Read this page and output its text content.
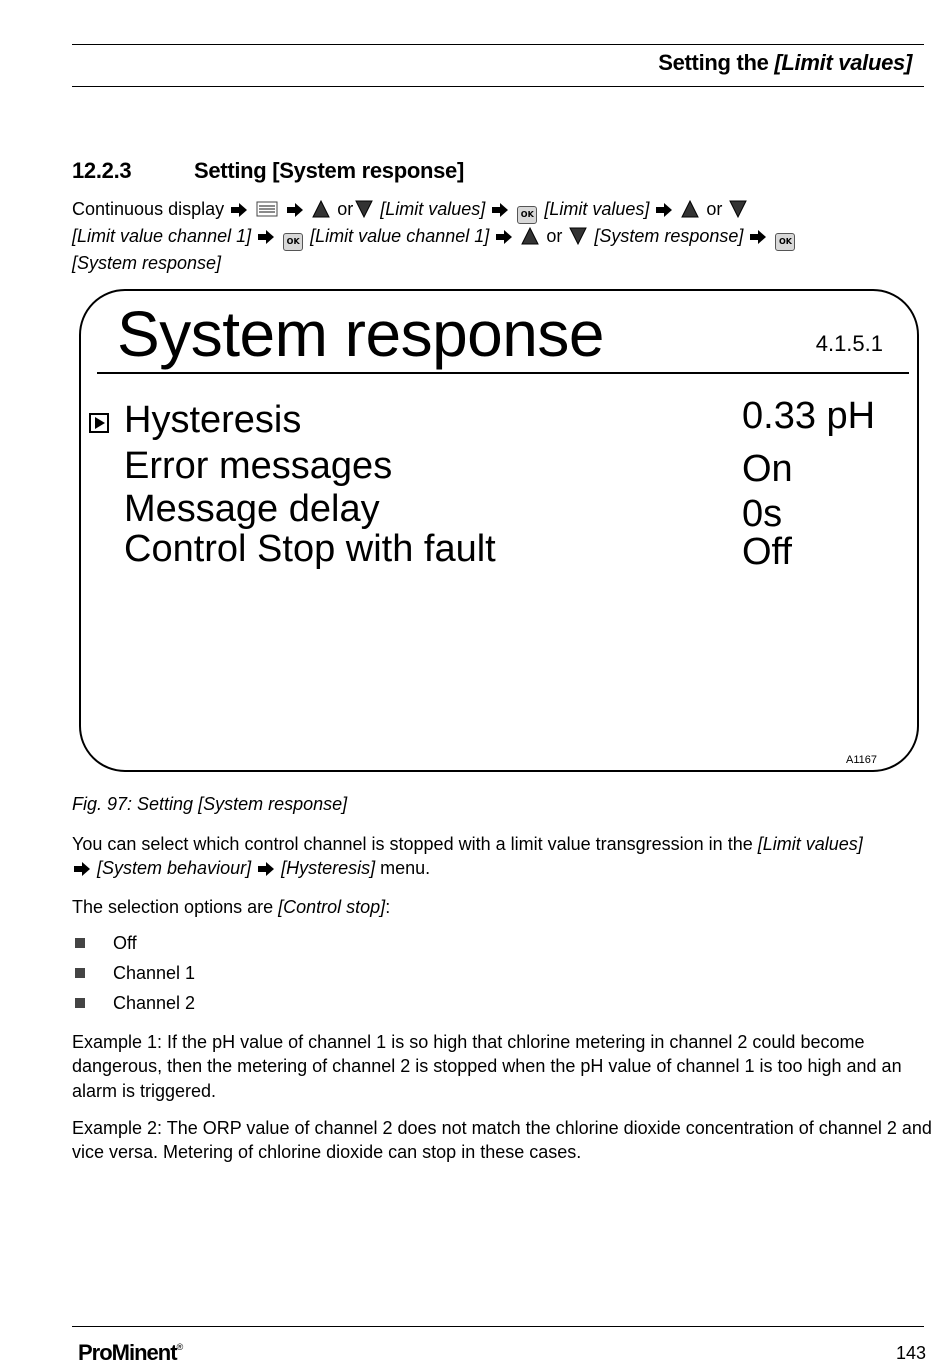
Setting the [Limit values]
12.2.3	Setting [System response]
Continuous display	or [Limit values]	OK [Limit values]	or
[Limit value channel 1]	OK [Limit value channel 1]	or [System response]	OK
[System response]
System response	4.1.5.1
Hysteresis	0.33 pH
Error messages	On
Message delay	0s
Control Stop with fault	Off
A1167
Fig. 97: Setting [System response]
You can select which control channel is stopped with a limit value transgression in the [Limit values]
[System behaviour] [Hysteresis] menu.
The selection options are [Control stop]:
Off
Channel 1
Channel 2
Example 1: If the pH value of channel 1 is so high that chlorine metering in channel 2 could become dangerous, then the metering of channel 2 is stopped when the pH value of channel 1 is too high and an alarm is triggered.
Example 2: The ORP value of channel 2 does not match the chlorine dioxide concentration of channel 2 and vice versa. Metering of chlorine dioxide can stop in these cases.
ProMinent®	143
